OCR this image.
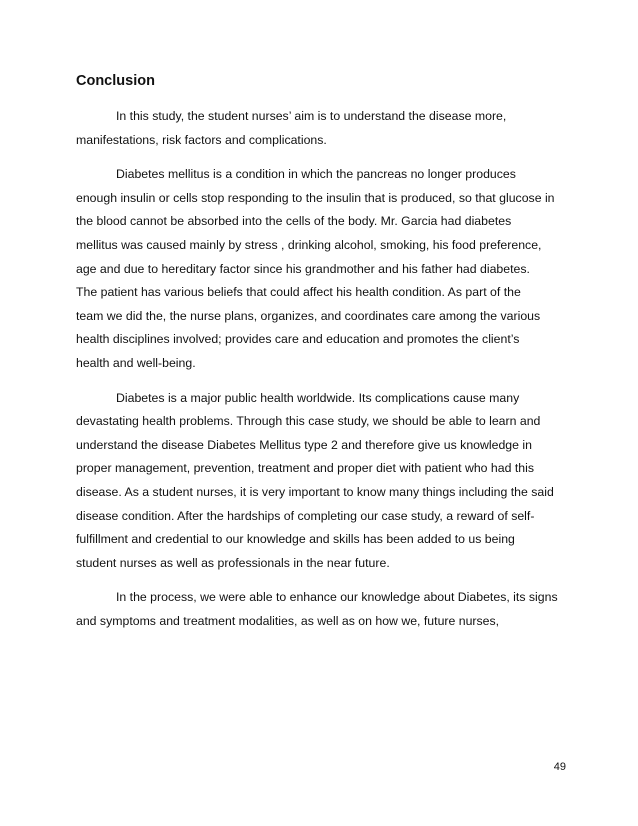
Conclusion
In this study, the student nurses’ aim is to understand the disease more,
manifestations, risk factors and complications.
Diabetes mellitus is a condition in which the pancreas no longer produces
enough insulin or cells stop responding to the insulin that is produced, so that glucose in
the blood cannot be absorbed into the cells of the body. Mr. Garcia had diabetes
mellitus was caused mainly by stress , drinking alcohol, smoking, his food preference,
age and due to hereditary factor since his grandmother and his father had diabetes.
The patient has various beliefs that could affect his health condition. As part of the
team we did the, the nurse plans, organizes, and coordinates care among the various
health disciplines involved; provides care and education and promotes the client’s
health and well-being.
Diabetes is a major public health worldwide. Its complications cause many
devastating health problems. Through this case study, we should be able to learn and
understand the disease Diabetes Mellitus type 2 and therefore give us knowledge in
proper management, prevention, treatment and proper diet with patient who had this
disease. As a student nurses, it is very important to know many things including the said
disease condition. After the hardships of completing our case study, a reward of self-
fulfillment and credential to our knowledge and skills has been added to us being
student nurses as well as professionals in the near future.
In the process, we were able to enhance our knowledge about Diabetes, its signs
and symptoms and treatment modalities, as well as on how we, future nurses,
49
